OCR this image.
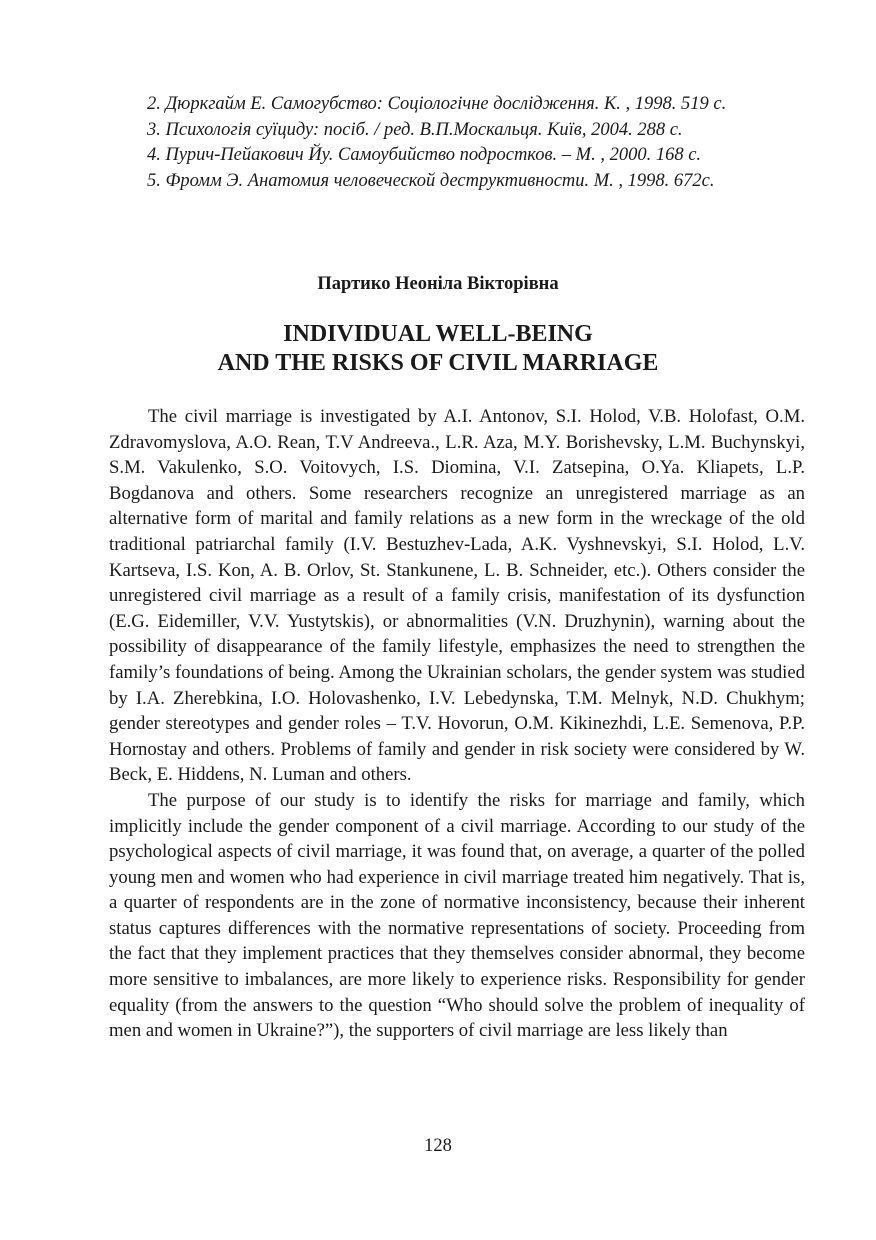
2. Дюркгайм Е. Самогубство: Соціологічне дослідження. К. , 1998. 519 с.
3. Психологія суїциду: посіб. / ред. В.П.Москальця. Київ, 2004. 288 с.
4. Пурич-Пейакович Йу. Самоубийство подростков. – М. , 2000. 168 с.
5. Фромм Э. Анатомия человеческой деструктивности. М. , 1998. 672с.
Партико Неоніла Вікторівна
INDIVIDUAL WELL-BEING
AND THE RISKS OF CIVIL MARRIAGE

The civil marriage is investigated by A.I. Antonov, S.I. Holod, V.B. Holofast, O.M. Zdravomyslova, A.O. Rean, T.V Andreeva., L.R. Aza, M.Y. Borishevsky, L.M. Buchynskyi, S.M. Vakulenko, S.O. Voitovych, I.S. Diomina, V.I. Zatsepina, O.Ya. Kliapets, L.P. Bogdanova and others. Some researchers recognize an unregistered marriage as an alternative form of marital and family relations as a new form in the wreckage of the old traditional patriarchal family (I.V. Bestuzhev-Lada, A.K. Vyshnevskyi, S.I. Holod, L.V. Kartseva, I.S. Kon, A. B. Orlov, St. Stankunene, L. B. Schneider, etc.). Others consider the unregistered civil marriage as a result of a family crisis, manifestation of its dysfunction (E.G. Eidemiller, V.V. Yustytskis), or abnormalities (V.N. Druzhynin), warning about the possibility of disappearance of the family lifestyle, emphasizes the need to strengthen the family’s foundations of being. Among the Ukrainian scholars, the gender system was studied by I.A. Zherebkina, I.O. Holovashenko, I.V. Lebedynska, T.M. Melnyk, N.D. Chukhym; gender stereotypes and gender roles – T.V. Hovorun, O.M. Kikinezhdi, L.E. Semenova, P.P. Hornostay and others. Problems of family and gender in risk society were considered by W. Beck, E. Hiddens, N. Luman and others.

The purpose of our study is to identify the risks for marriage and family, which implicitly include the gender component of a civil marriage. According to our study of the psychological aspects of civil marriage, it was found that, on average, a quarter of the polled young men and women who had experience in civil marriage treated him negatively. That is, a quarter of respondents are in the zone of normative inconsistency, because their inherent status captures differences with the normative representations of society. Proceeding from the fact that they implement practices that they themselves consider abnormal, they become more sensitive to imbalances, are more likely to experience risks. Responsibility for gender equality (from the answers to the question “Who should solve the problem of inequality of men and women in Ukraine?”), the supporters of civil marriage are less likely than

128
